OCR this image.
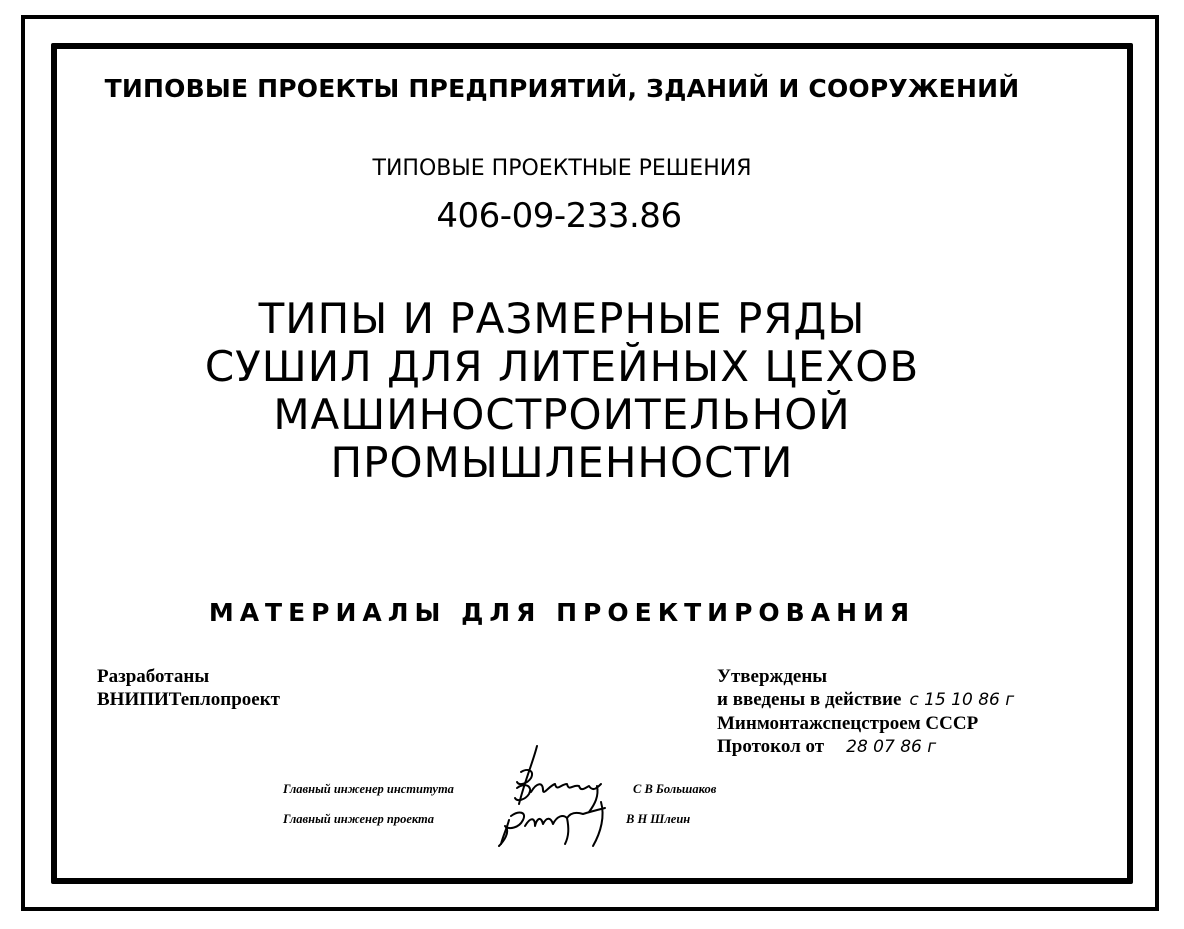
ТИПОВЫЕ ПРОЕКТЫ ПРЕДПРИЯТИЙ, ЗДАНИЙ И СООРУЖЕНИЙ
ТИПОВЫЕ ПРОЕКТНЫЕ РЕШЕНИЯ
406-09-233.86
ТИПЫ И РАЗМЕРНЫЕ РЯДЫ
СУШИЛ ДЛЯ ЛИТЕЙНЫХ ЦЕХОВ
МАШИНОСТРОИТЕЛЬНОЙ
ПРОМЫШЛЕННОСТИ
МАТЕРИАЛЫ ДЛЯ ПРОЕКТИРОВАНИЯ
Разработаны
ВНИПИТеплопроект
Утверждены
и введены в действие с 15 10 86 г
Минмонтажспецстроем СССР
Протокол от 28 07 86 г
Главный инженер института	С В Большаков
Главный инженер проекта	В Н Шлеин
